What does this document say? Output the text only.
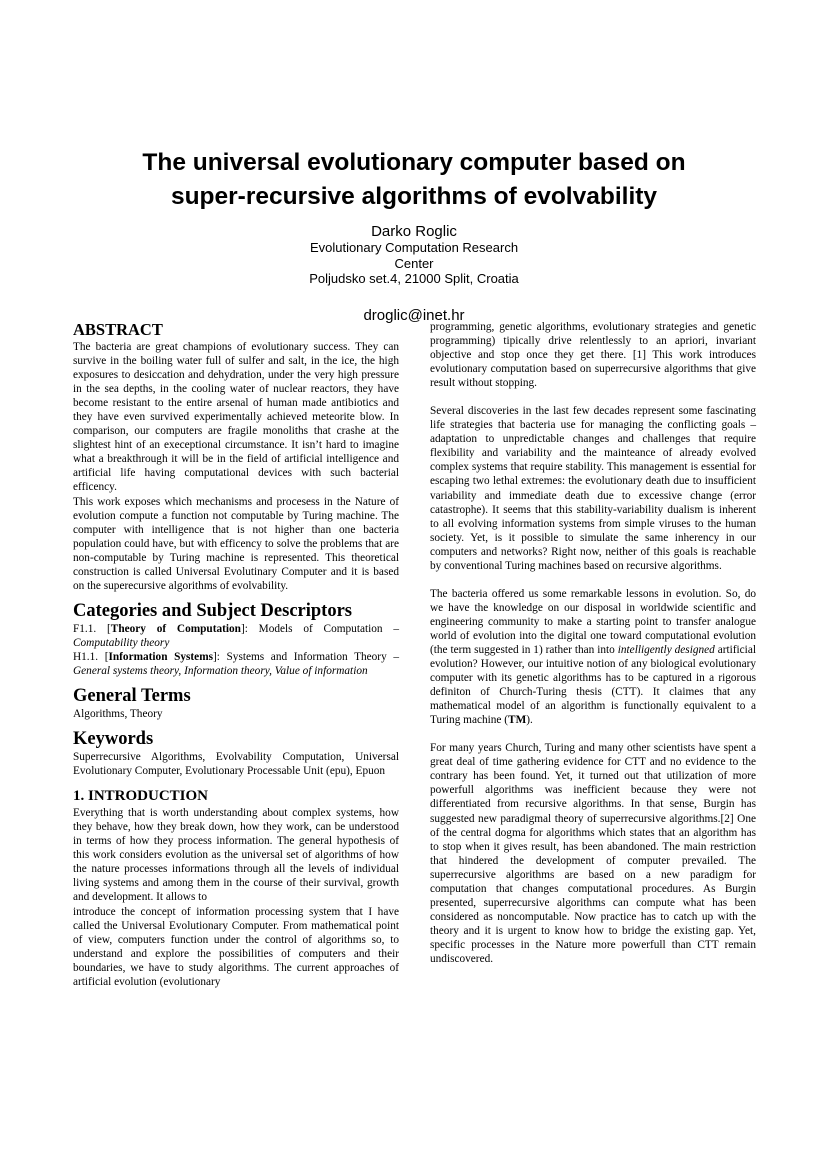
The universal evolutionary computer based on
super-recursive algorithms of evolvability
Darko Roglic
Evolutionary Computation Research
Center
Poljudsko set.4, 21000 Split, Croatia
droglic@inet.hr
ABSTRACT

The bacteria are great champions of evolutionary success. They can survive in the boiling water full of sulfer and salt, in the ice, the high exposures to desiccation and dehydration, under the very high pressure in the sea depths, in the cooling water of nuclear reactors, they have become resistant to the entire arsenal of human made antibiotics and they have even survived experimentally achieved meteorite blow. In comparison, our computers are fragile monoliths that crashe at the slightest hint of an execeptional circumstance. It isn’t hard to imagine what a breakthrough it will be in the field of artificial intelligence and artificial life having computational devices with such bacterial efficency.

This work exposes which mechanisms and procesess in the Nature of evolution compute a function not computable by Turing machine. The computer with intelligence that is not higher than one bacteria population could have, but with efficency to solve the problems that are non-computable by Turing machine is represented. This theoretical construction is called Universal Evolutinary Computer and it is based on the superecursive algorithms of evolvability.

Categories and Subject Descriptors

F1.1. [Theory of Computation]: Models of Computation – Computability theory

H1.1. [Information Systems]: Systems and Information Theory – General systems theory, Information theory, Value of information

General Terms

Algorithms, Theory

Keywords

Superrecursive Algorithms, Evolvability Computation, Universal Evolutionary Computer, Evolutionary Processable Unit (epu), Epuon

1. INTRODUCTION

Everything that is worth understanding about complex systems, how they behave, how they break down, how they work, can be understood in terms of how they process information. The general hypothesis of this work considers evolution as the universal set of algorithms of how the nature processes informations through all the levels of individual living systems and among them in the course of their survival, growth and development. It allows to

introduce the concept of information processing system that I have called the Universal Evolutionary Computer. From mathematical point of view, computers function under the control of algorithms so, to understand and explore the possibilities of computers and their boundaries, we have to study algorithms. The current approaches of artificial evolution (evolutionary

programming, genetic algorithms, evolutionary strategies and genetic programming) tipically drive relentlessly to an apriori, invariant objective and stop once they get there. [1] This work introduces evolutionary computation based on superrecursive algorithms that give result without stopping.

Several discoveries in the last few decades represent some fascinating life strategies that bacteria use for managing the conflicting goals – adaptation to unpredictable changes and challenges that require flexibility and variability and the mainteance of already evolved complex systems that require stability. This management is essential for escaping two lethal extremes: the evolutionary death due to insufficient variability and immediate death due to excessive change (error catastrophe). It seems that this stability-variability dualism is inherent to all evolving information systems from simple viruses to the human society. Yet, is it possible to simulate the same inherency in our computers and networks? Right now, neither of this goals is reachable by conventional Turing machines based on recursive algorithms.

The bacteria offered us some remarkable lessons in evolution. So, do we have the knowledge on our disposal in worldwide scientific and engineering community to make a starting point to transfer analogue world of evolution into the digital one toward computational evolution (the term suggested in 1) rather than into intelligently designed artificial evolution? However, our intuitive notion of any biological evolutionary computer with its genetic algorithms has to be captured in a rigorous definiton of Church-Turing thesis (CTT). It claimes that any mathematical model of an algorithm is functionally equivalent to a Turing machine (TM).

For many years Church, Turing and many other scientists have spent a great deal of time gathering evidence for CTT and no evidence to the contrary has been found. Yet, it turned out that utilization of more powerfull algorithms was inefficient because they were not differentiated from recursive algorithms. In that sense, Burgin has suggested new paradigmal theory of superrecursive algorithms.[2] One of the central dogma for algorithms which states that an algorithm has to stop when it gives result, has been abandoned. The main restriction that hindered the development of computer prevailed. The superrecursive algorithms are based on a new paradigm for computation that changes computational procedures. As Burgin presented, superrecursive algorithms can compute what has been considered as noncomputable. Now practice has to catch up with the theory and it is urgent to know how to bridge the existing gap. Yet, specific processes in the Nature more powerfull than CTT remain undiscovered.
